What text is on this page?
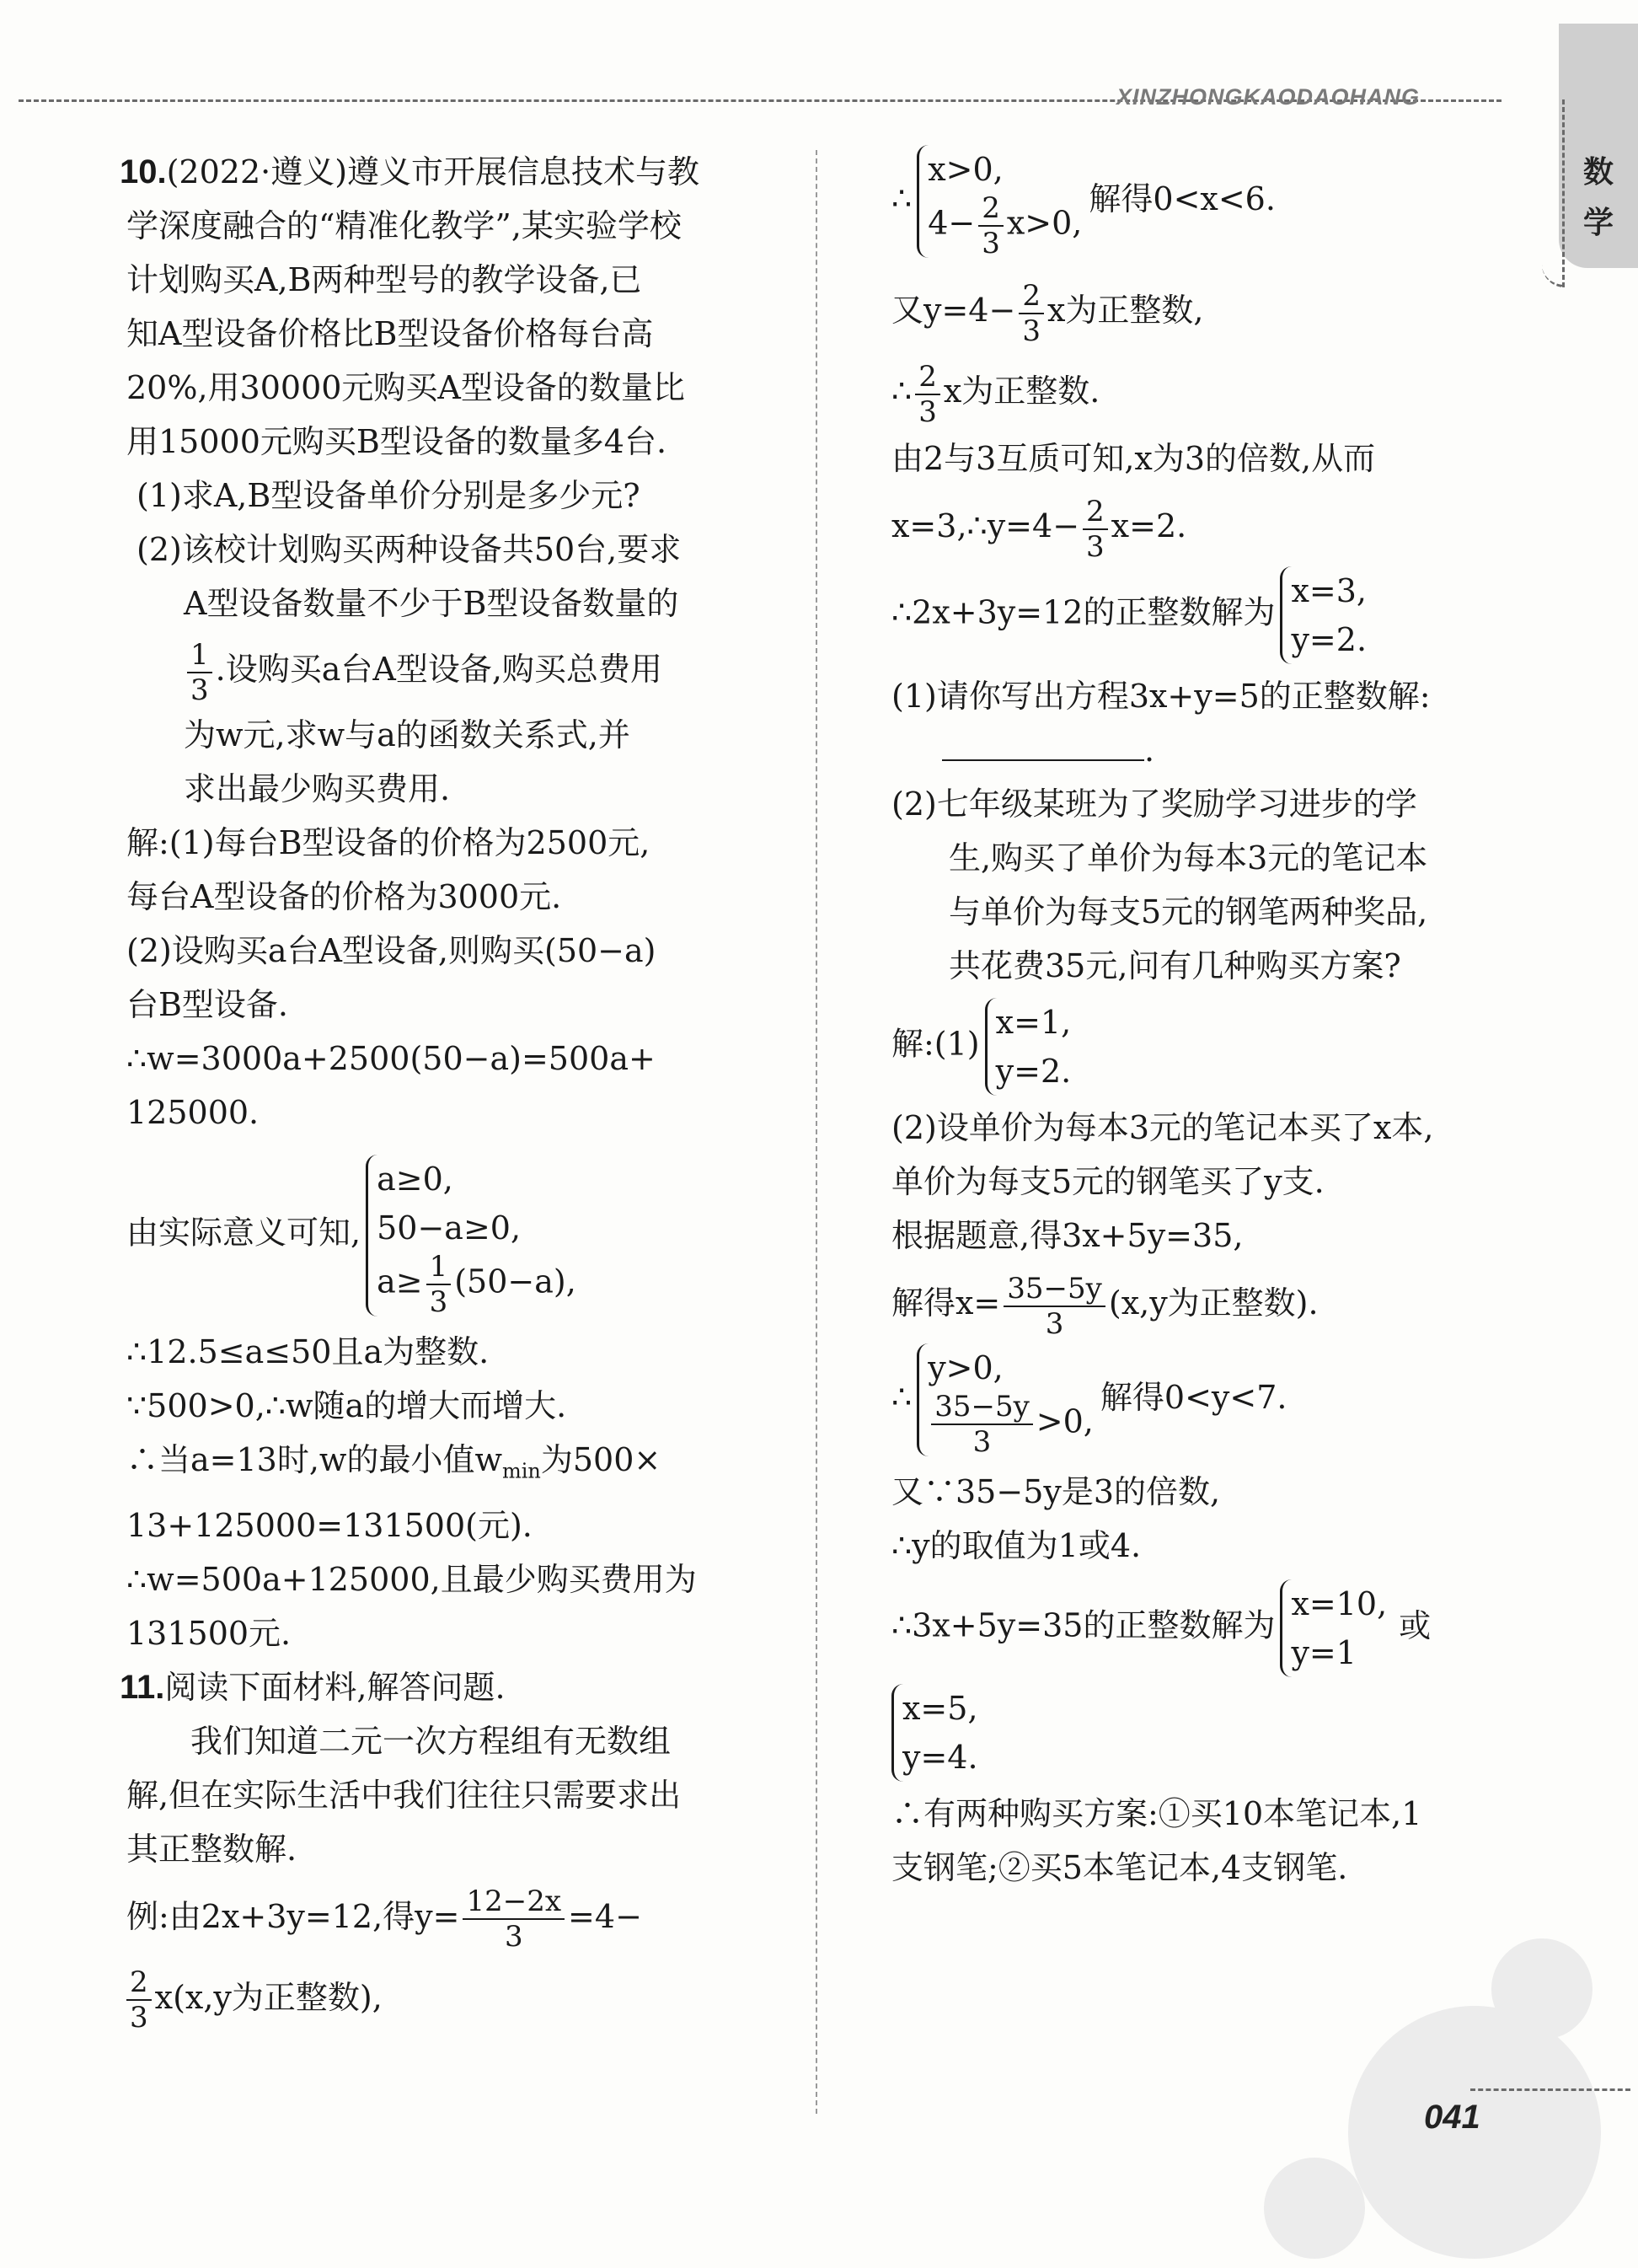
XINZHONGKAODAOHANG
数
学
10.(2022·遵义)遵义市开展信息技术与教
学深度融合的“精准化教学”,某实验学校
计划购买A,B两种型号的教学设备,已
知A型设备价格比B型设备价格每台高
20%,用30000元购买A型设备的数量比
用15000元购买B型设备的数量多4台.
(1)求A,B型设备单价分别是多少元?
(2)该校计划购买两种设备共50台,要求
A型设备数量不少于B型设备数量的
$\frac{1}{3}$ .设购买a台A型设备,购买总费用
为w元,求w与a的函数关系式,并
求出最少购买费用.
解:(1)每台B型设备的价格为2500元,
每台A型设备的价格为3000元.
(2)设购买a台A型设备,则购买(50−a)
台B型设备.
∴w=3000a+2500(50−a)=500a+
125000.
由实际意义可知,
a≥0,
50−a≥0,
$a\ge \frac{1}{3} (50-a)$,
∴12.5≤a≤50且a为整数.
∵500>0,∴w随a的增大而增大.
∴当a=13时,w的最小值$w_{min}$为500×
13+125000=131500(元).
∴w=500a+125000,且最少购买费用为
131500元.
11.阅读下面材料,解答问题.
我们知道二元一次方程组有无数组
解,但在实际生活中我们往往只需要求出
其正整数解.
例:由2x+3y=12,得$y= \frac{12-2x}{3} =4-$
$\frac{2}{3} x(x,y$为正整数),
∴
x>0,
$4- \frac{2}{3} x>0$,
解得0<x<6.
又$y=4- \frac{2}{3}$ x为正整数,
∴ $\frac{2}{3}$ x为正整数.
由2与3互质可知,x为3的倍数,从而
x=3,∴y=4− $\frac{2}{3} x=2$.
∴2x+3y=12的正整数解为
x=3,
y=2.
(1)请你写出方程3x+y=5的正整数解:
.
(2)七年级某班为了奖励学习进步的学
生,购买了单价为每本3元的笔记本
与单价为每支5元的钢笔两种奖品,
共花费35元,问有几种购买方案?
解:(1)
x=1,
y=2.
(2)设单价为每本3元的笔记本买了x本,
单价为每支5元的钢笔买了y支.
根据题意,得3x+5y=35,
解得$x= \frac{35-5y}{3} (x,y$为正整数).
∴
y>0,
$\frac{35-5y}{3} >0$,
解得0<y<7.
又∵35−5y是3的倍数,
∴y的取值为1或4.
∴3x+5y=35的正整数解为
x=10,
y=1
或
x=5,
y=4.
∴有两种购买方案:①买10本笔记本,1
支钢笔;②买5本笔记本,4支钢笔.
041
